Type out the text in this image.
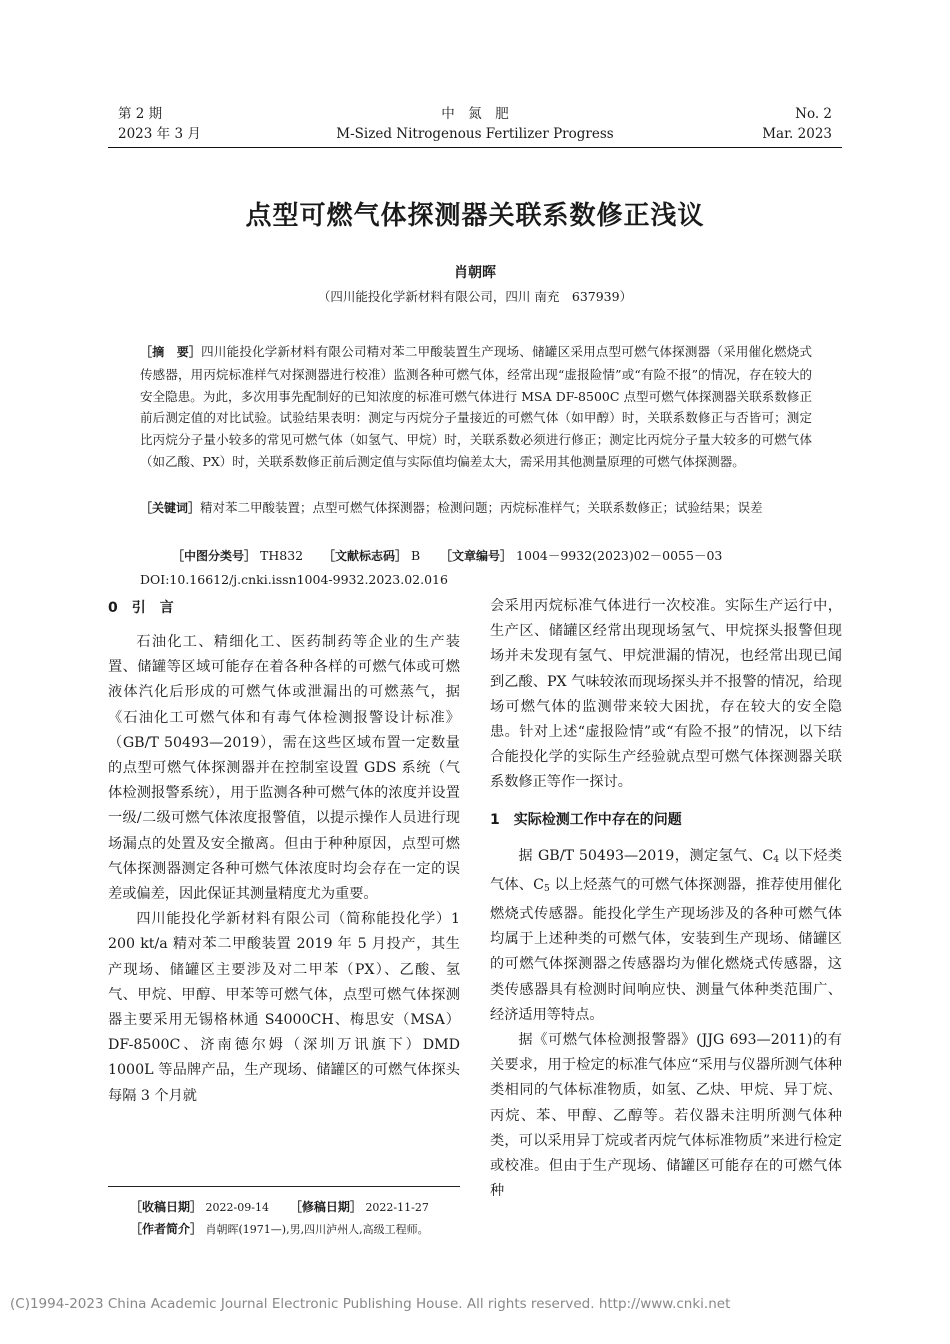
第 2 期
2023 年 3 月
中　氮　肥
M-Sized Nitrogenous Fertilizer Progress
No. 2
Mar. 2023
点型可燃气体探测器关联系数修正浅议
肖朝晖
（四川能投化学新材料有限公司，四川 南充　637939）
［摘　要］四川能投化学新材料有限公司精对苯二甲酸装置生产现场、储罐区采用点型可燃气体探测器（采用催化燃烧式传感器，用丙烷标准样气对探测器进行校准）监测各种可燃气体，经常出现“虚报险情”或“有险不报”的情况，存在较大的安全隐患。为此，多次用事先配制好的已知浓度的标准可燃气体进行 MSA DF-8500C 点型可燃气体探测器关联系数修正前后测定值的对比试验。试验结果表明：测定与丙烷分子量接近的可燃气体（如甲醇）时，关联系数修正与否皆可；测定比丙烷分子量小较多的常见可燃气体（如氢气、甲烷）时，关联系数必须进行修正；测定比丙烷分子量大较多的可燃气体（如乙酸、PX）时，关联系数修正前后测定值与实际值均偏差太大，需采用其他测量原理的可燃气体探测器。
［关键词］精对苯二甲酸装置；点型可燃气体探测器；检测问题；丙烷标准样气；关联系数修正；试验结果；误差
［中图分类号］ TH832 ［文献标志码］ B ［文章编号］ 1004－9932(2023)02－0055－03
DOI:10.16612/j.cnki.issn1004-9932.2023.02.016
0　引　言

石油化工、精细化工、医药制药等企业的生产装置、储罐等区域可能存在着各种各样的可燃气体或可燃液体汽化后形成的可燃气体或泄漏出的可燃蒸气，据《石油化工可燃气体和有毒气体检测报警设计标准》（GB/T 50493—2019），需在这些区域布置一定数量的点型可燃气体探测器并在控制室设置 GDS 系统（气体检测报警系统），用于监测各种可燃气体的浓度并设置一级/二级可燃气体浓度报警值，以提示操作人员进行现场漏点的处置及安全撤离。但由于种种原因，点型可燃气体探测器测定各种可燃气体浓度时均会存在一定的误差或偏差，因此保证其测量精度尤为重要。

四川能投化学新材料有限公司（简称能投化学）1 200 kt/a 精对苯二甲酸装置 2019 年 5 月投产，其生产现场、储罐区主要涉及对二甲苯（PX）、乙酸、氢气、甲烷、甲醇、甲苯等可燃气体，点型可燃气体探测器主要采用无锡格林通 S4000CH、梅思安（MSA）DF-8500C、济南德尔姆（深圳万讯旗下）DMD 1000L 等品牌产品，生产现场、储罐区的可燃气体探头每隔 3 个月就

会采用丙烷标准气体进行一次校准。实际生产运行中，生产区、储罐区经常出现现场氢气、甲烷探头报警但现场并未发现有氢气、甲烷泄漏的情况，也经常出现已闻到乙酸、PX 气味较浓而现场探头并不报警的情况，给现场可燃气体的监测带来较大困扰，存在较大的安全隐患。针对上述“虚报险情”或“有险不报”的情况，以下结合能投化学的实际生产经验就点型可燃气体探测器关联系数修正等作一探讨。

1　实际检测工作中存在的问题

据 GB/T 50493—2019，测定氢气、$C_4$ 以下烃类气体、$C_5$ 以上烃蒸气的可燃气体探测器，推荐使用催化燃烧式传感器。能投化学生产现场涉及的各种可燃气体均属于上述种类的可燃气体，安装到生产现场、储罐区的可燃气体探测器之传感器均为催化燃烧式传感器，这类传感器具有检测时间响应快、测量气体种类范围广、经济适用等特点。

据《可燃气体检测报警器》(JJG 693—2011)的有关要求，用于检定的标准气体应“采用与仪器所测气体种类相同的气体标准物质，如氢、乙炔、甲烷、异丁烷、丙烷、苯、甲醇、乙醇等。若仪器未注明所测气体种类，可以采用异丁烷或者丙烷气体标准物质”来进行检定或校准。但由于生产现场、储罐区可能存在的可燃气体种

［收稿日期］ 2022-09-14 ［修稿日期］ 2022-11-27
［作者简介］ 肖朝晖(1971—),男,四川泸州人,高级工程师。
(C)1994-2023 China Academic Journal Electronic Publishing House. All rights reserved. http://www.cnki.net
